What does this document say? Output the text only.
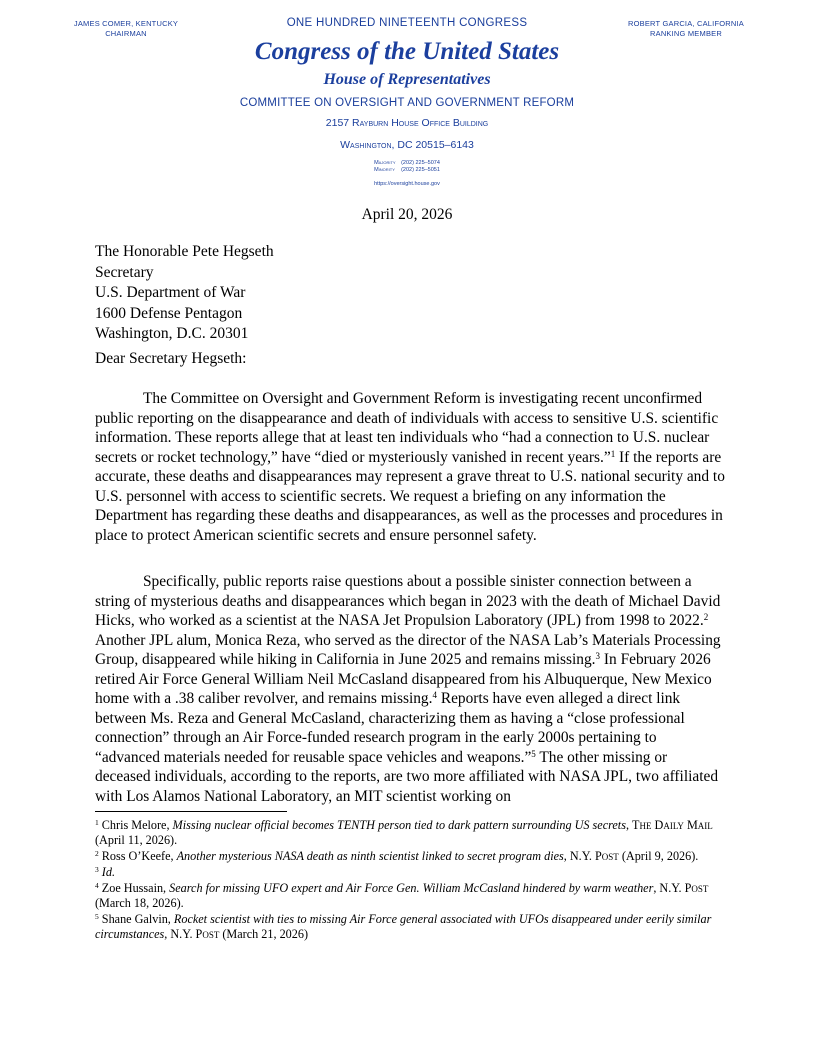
JAMES COMER, KENTUCKY
CHAIRMAN
ROBERT GARCIA, CALIFORNIA
RANKING MEMBER
ONE HUNDRED NINETEENTH CONGRESS
Congress of the United States
House of Representatives
COMMITTEE ON OVERSIGHT AND GOVERNMENT REFORM
2157 Rayburn House Office Building
Washington, DC 20515–6143
Majority (202) 225–5074
Minority (202) 225–5051
https://oversight.house.gov
April 20, 2026
The Honorable Pete Hegseth
Secretary
U.S. Department of War
1600 Defense Pentagon
Washington, D.C. 20301
Dear Secretary Hegseth:

The Committee on Oversight and Government Reform is investigating recent unconfirmed public reporting on the disappearance and death of individuals with access to sensitive U.S. scientific information. These reports allege that at least ten individuals who “had a connection to U.S. nuclear secrets or rocket technology,” have “died or mysteriously vanished in recent years.”$^1$ If the reports are accurate, these deaths and disappearances may represent a grave threat to U.S. national security and to U.S. personnel with access to scientific secrets. We request a briefing on any information the Department has regarding these deaths and disappearances, as well as the processes and procedures in place to protect American scientific secrets and ensure personnel safety.

Specifically, public reports raise questions about a possible sinister connection between a string of mysterious deaths and disappearances which began in 2023 with the death of Michael David Hicks, who worked as a scientist at the NASA Jet Propulsion Laboratory (JPL) from 1998 to 2022.$^2$ Another JPL alum, Monica Reza, who served as the director of the NASA Lab’s Materials Processing Group, disappeared while hiking in California in June 2025 and remains missing.$^3$ In February 2026 retired Air Force General William Neil McCasland disappeared from his Albuquerque, New Mexico home with a .38 caliber revolver, and remains missing.$^4$ Reports have even alleged a direct link between Ms. Reza and General McCasland, characterizing them as having a “close professional connection” through an Air Force-funded research program in the early 2000s pertaining to “advanced materials needed for reusable space vehicles and weapons.”$^5$ The other missing or deceased individuals, according to the reports, are two more affiliated with NASA JPL, two affiliated with Los Alamos National Laboratory, an MIT scientist working on

$^1$ Chris Melore, Missing nuclear official becomes TENTH person tied to dark pattern surrounding US secrets, The Daily Mail (April 11, 2026).
$^2$ Ross O’Keefe, Another mysterious NASA death as ninth scientist linked to secret program dies, N.Y. Post (April 9, 2026).
$^3$ Id.
$^4$ Zoe Hussain, Search for missing UFO expert and Air Force Gen. William McCasland hindered by warm weather, N.Y. Post (March 18, 2026).
$^5$ Shane Galvin, Rocket scientist with ties to missing Air Force general associated with UFOs disappeared under eerily similar circumstances, N.Y. Post (March 21, 2026)
